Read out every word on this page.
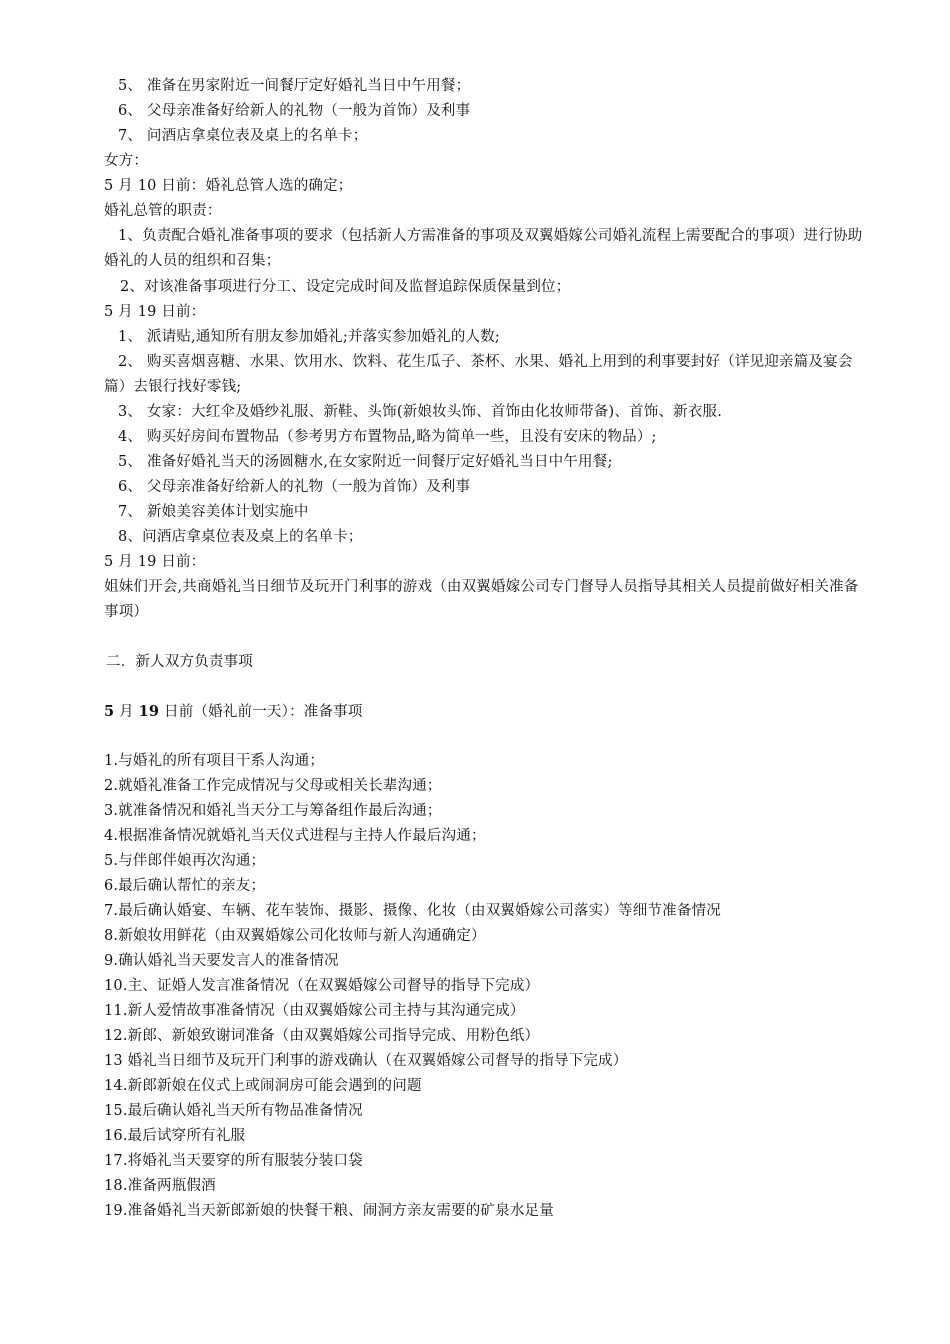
5、 准备在男家附近一间餐厅定好婚礼当日中午用餐；
6、 父母亲准备好给新人的礼物（一般为首饰）及利事
7、 问酒店拿桌位表及桌上的名单卡；
女方：
5 月 10 日前：婚礼总管人选的确定；
婚礼总管的职责：
1、负责配合婚礼准备事项的要求（包括新人方需准备的事项及双翼婚嫁公司婚礼流程上需要配合的事项）进行协助婚礼的人员的组织和召集；
2、对该准备事项进行分工、设定完成时间及监督追踪保质保量到位；
5 月 19 日前：
1、 派请贴,通知所有朋友参加婚礼;并落实参加婚礼的人数;
2、 购买喜烟喜糖、水果、饮用水、饮料、花生瓜子、茶杯、水果、婚礼上用到的利事要封好（详见迎亲篇及宴会篇）去银行找好零钱;
3、 女家：大红伞及婚纱礼服、新鞋、头饰(新娘妆头饰、首饰由化妆师带备)、首饰、新衣服.
4、 购买好房间布置物品（参考男方布置物品,略为简单一些，且没有安床的物品）;
5、 准备好婚礼当天的汤圆糖水,在女家附近一间餐厅定好婚礼当日中午用餐;
6、 父母亲准备好给新人的礼物（一般为首饰）及利事
7、 新娘美容美体计划实施中
8、问酒店拿桌位表及桌上的名单卡；
5 月 19 日前：
姐妹们开会,共商婚礼当日细节及玩开门利事的游戏（由双翼婚嫁公司专门督导人员指导其相关人员提前做好相关准备事项）
二．新人双方负责事项
5 月 19 日前（婚礼前一天）：准备事项
1.与婚礼的所有项目干系人沟通；
2.就婚礼准备工作完成情况与父母或相关长辈沟通；
3.就准备情况和婚礼当天分工与筹备组作最后沟通；
4.根据准备情况就婚礼当天仪式进程与主持人作最后沟通；
5.与伴郎伴娘再次沟通；
6.最后确认帮忙的亲友；
7.最后确认婚宴、车辆、花车装饰、摄影、摄像、化妆（由双翼婚嫁公司落实）等细节准备情况
8.新娘妆用鲜花（由双翼婚嫁公司化妆师与新人沟通确定）
9.确认婚礼当天要发言人的准备情况
10.主、证婚人发言准备情况（在双翼婚嫁公司督导的指导下完成）
11.新人爱情故事准备情况（由双翼婚嫁公司主持与其沟通完成）
12.新郎、新娘致谢词准备（由双翼婚嫁公司指导完成、用粉色纸）
13 婚礼当日细节及玩开门利事的游戏确认（在双翼婚嫁公司督导的指导下完成）
14.新郎新娘在仪式上或闹洞房可能会遇到的问题
15.最后确认婚礼当天所有物品准备情况
16.最后试穿所有礼服
17.将婚礼当天要穿的所有服装分装口袋
18.准备两瓶假酒
19.准备婚礼当天新郎新娘的快餐干粮、闹洞方亲友需要的矿泉水足量
